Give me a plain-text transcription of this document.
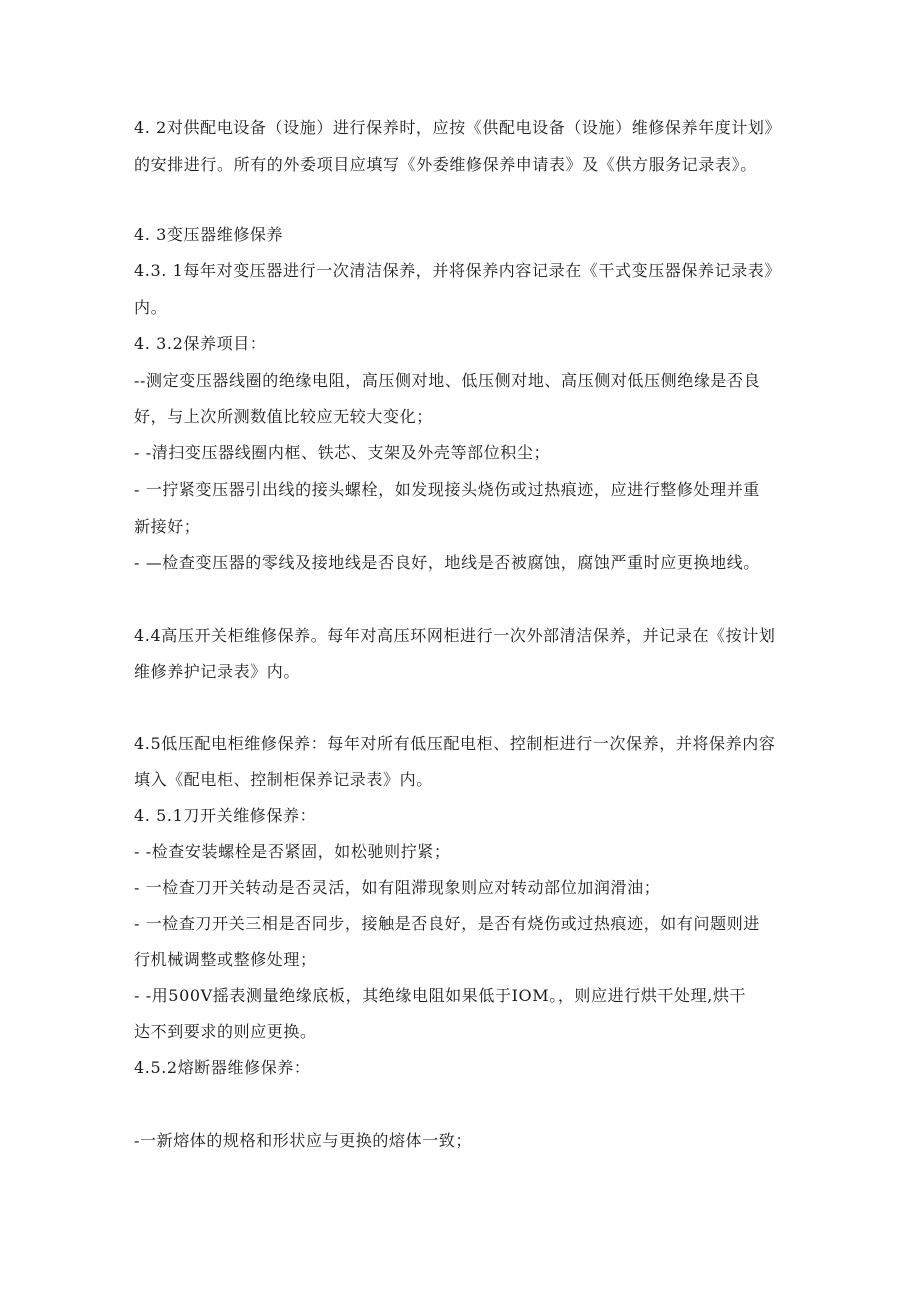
4. 2对供配电设备（设施）进行保养时，应按《供配电设备（设施）维修保养年度计划》
的安排进行。所有的外委项目应填写《外委维修保养申请表》及《供方服务记录表》。
4. 3变压器维修保养
4.3. 1每年对变压器进行一次清洁保养，并将保养内容记录在《干式变压器保养记录表》
内。
4. 3.2保养项目：
--测定变压器线圈的绝缘电阻，高压侧对地、低压侧对地、高压侧对低压侧绝缘是否良
好，与上次所测数值比较应无较大变化；
- -清扫变压器线圈内框、铁芯、支架及外壳等部位积尘；
- 一拧紧变压器引出线的接头螺栓，如发现接头烧伤或过热痕迹，应进行整修处理并重
新接好；
- —检查变压器的零线及接地线是否良好，地线是否被腐蚀，腐蚀严重时应更换地线。
4.4高压开关柜维修保养。每年对高压环网柜进行一次外部清洁保养，并记录在《按计划
维修养护记录表》内。
4.5低压配电柜维修保养：每年对所有低压配电柜、控制柜进行一次保养，并将保养内容
填入《配电柜、控制柜保养记录表》内。
4. 5.1刀开关维修保养：
- -检查安装螺栓是否紧固，如松驰则拧紧；
- 一检查刀开关转动是否灵活，如有阻滞现象则应对转动部位加润滑油；
- 一检查刀开关三相是否同步，接触是否良好，是否有烧伤或过热痕迹，如有问题则进
行机械调整或整修处理；
- -用500V摇表测量绝缘底板，其绝缘电阻如果低于IOM。，则应进行烘干处理,烘干
达不到要求的则应更换。
4.5.2熔断器维修保养：
-一新熔体的规格和形状应与更换的熔体一致；
